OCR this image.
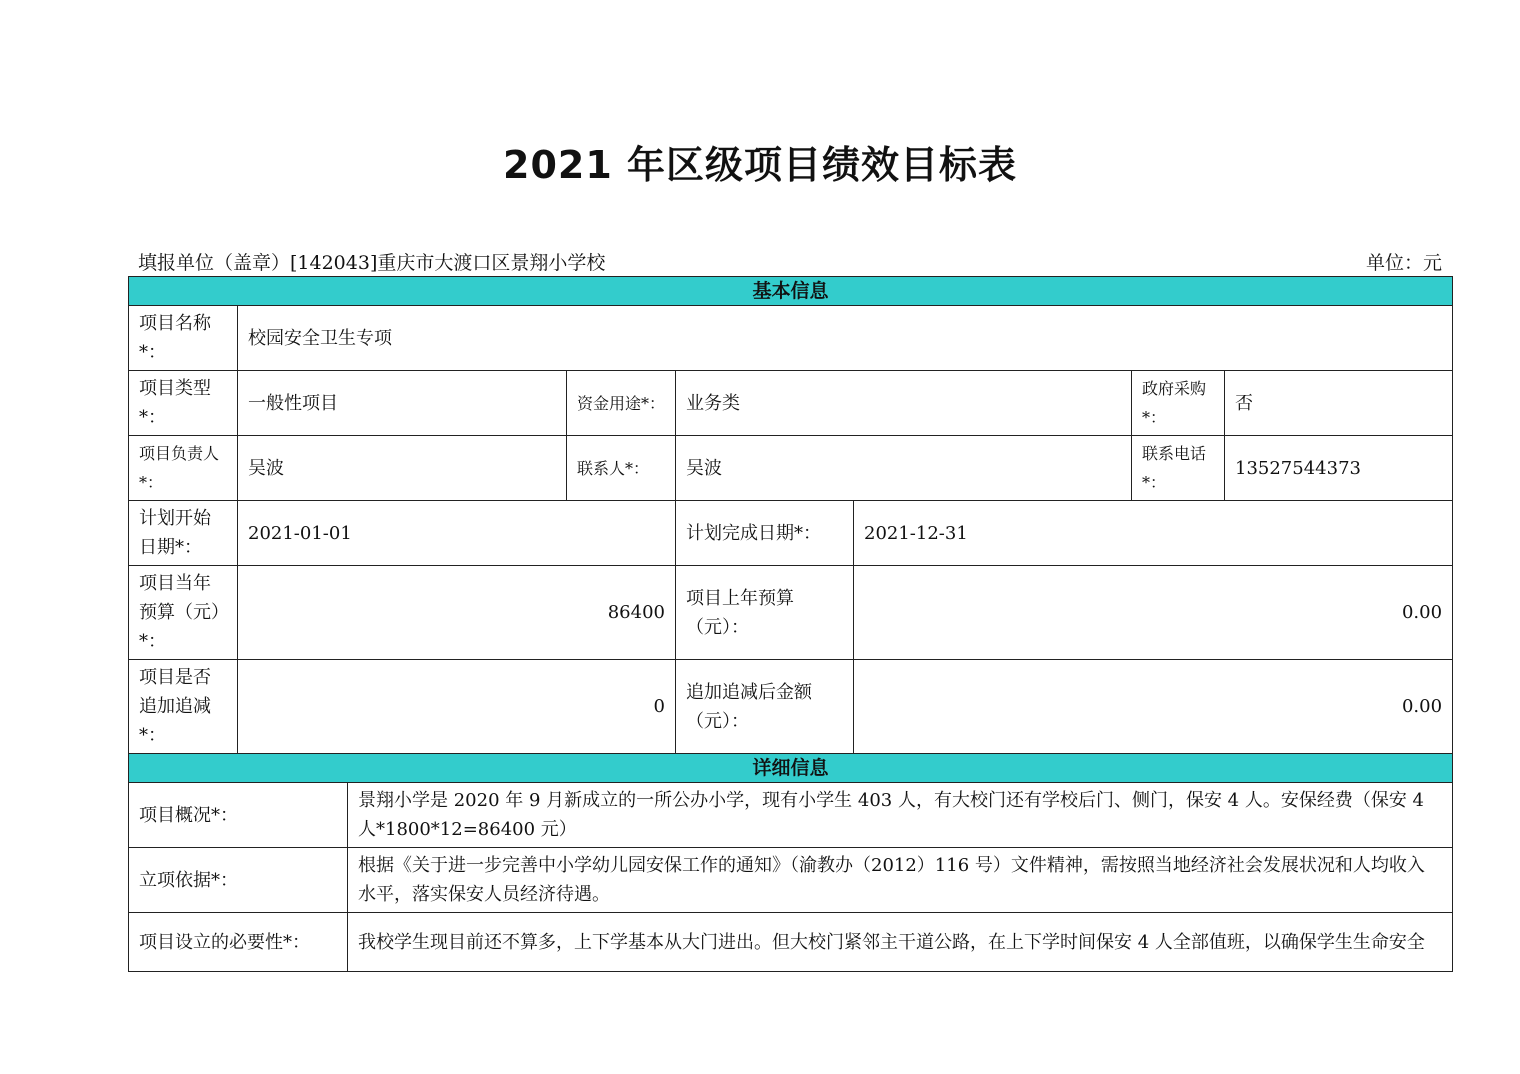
2021 年区级项目绩效目标表
填报单位（盖章）[142043]重庆市大渡口区景翔小学校	单位：元
基本信息							
项目名称*：	校园安全卫生专项						
项目类型*：	一般性项目		资金用途*：	业务类		政府采购*：	否
项目负责人*：	吴波		联系人*：	吴波		联系电话*：	13527544373
计划开始日期*：	2021-01-01			计划完成日期*：	2021-12-31		
项目当年预算（元）*：	86400			项目上年预算（元）：	0.00		
项目是否追加追减*：	0			追加追减后金额（元）：	0.00		
详细信息							
项目概况*：		景翔小学是 2020 年 9 月新成立的一所公办小学，现有小学生 403 人，有大校门还有学校后门、侧门，保安 4 人。安保经费（保安 4 人*1800*12=86400 元）					
立项依据*：		根据《关于进一步完善中小学幼儿园安保工作的通知》（渝教办（2012）116 号）文件精神，需按照当地经济社会发展状况和人均收入水平，落实保安人员经济待遇。					
项目设立的必要性*：		我校学生现目前还不算多，上下学基本从大门进出。但大校门紧邻主干道公路，在上下学时间保安 4 人全部值班，以确保学生生命安全					
